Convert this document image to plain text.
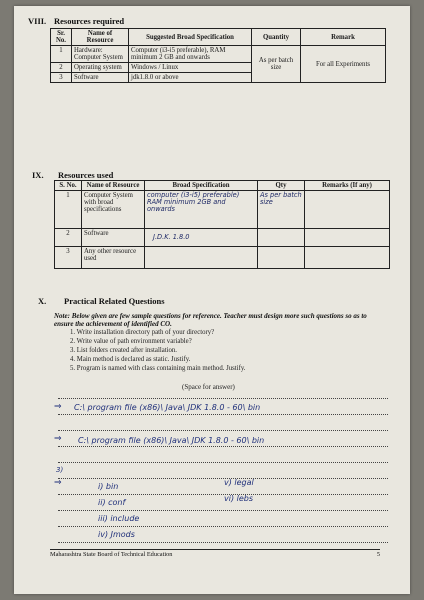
VIII. Resources required
Sr. No.	Name of Resource	Suggested Broad Specification	Quantity	Remark
1	Hardware: Computer System	Computer (i3-i5 preferable), RAM minimum 2 GB and onwards	As per batch size	For all Experiments
2	Operating system	Windows / Linux		
3	Software	jdk1.8.0 or above		
IX. Resources used
S. No.	Name of Resource	Broad Specification	Qty	Remarks (If any)
1	Computer System with broad specifications	computer (i3-i5) preferable) RAM minimum 2GB and onwards	As per batch size	
2	Software	J.D.K. 1.8.0		
3	Any other resource used			
X. Practical Related Questions
Note: Below given are few sample questions for reference. Teacher must design more such questions so as to ensure the achievement of identified CO.
1. Write installation directory path of your directory?
2. Write value of path environment variable?
3. List folders created after installation.
4. Main method is declared as static. Justify.
5. Program is named with class containing main method. Justify.
(Space for answer)
⇒ C:\ program file (x86)\ Java\ JDK 1.8.0 - 60\ bin
⇒ C:\ program file (x86)\ Java\ JDK 1.8.0 - 60\ bin
3)
⇒	i) bin
ii) conf
iii) include
iv) Jmods
v) legal
vi) lebs
Maharashtra State Board of Technical Education	5
